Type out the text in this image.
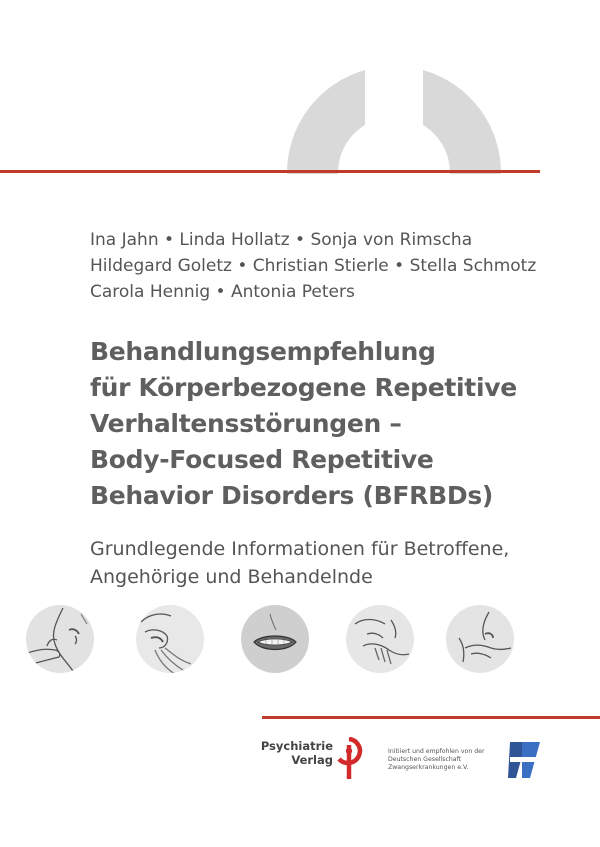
Ina Jahn • Linda Hollatz • Sonja von Rimscha
Hildegard Goletz • Christian Stierle • Stella Schmotz
Carola Hennig • Antonia Peters
Behandlungsempfehlung
für Körperbezogene Repetitive
Verhaltensstörungen –
Body-Focused Repetitive
Behavior Disorders (BFRBDs)
Grundlegende Informationen für Betroffene,
Angehörige und Behandelnde
Psychiatrie
Verlag
Initiiert und empfohlen von der
Deutschen Gesellschaft
Zwangserkrankungen e.V.
